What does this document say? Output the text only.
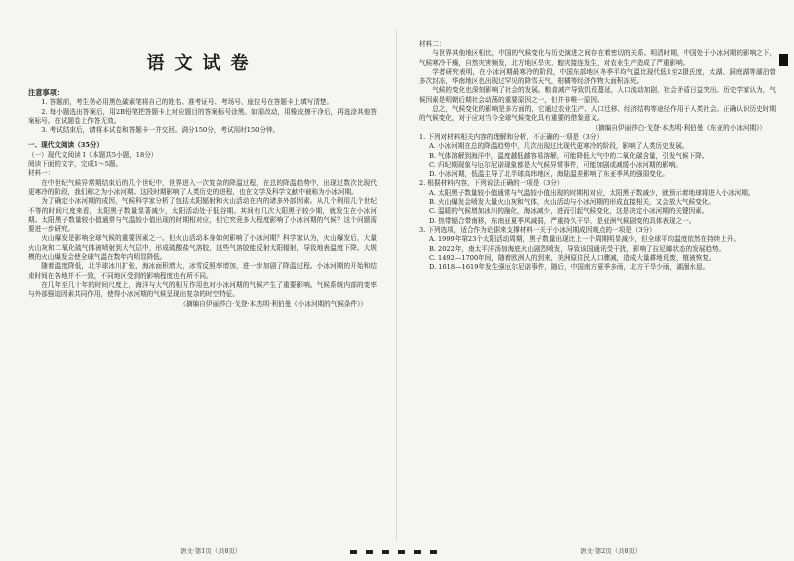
语文试卷
注意事项：

1. 答题前，考生务必用黑色碳素笔将自己的姓名、准考证号、考场号、座位号在答题卡上填写清楚。

2. 每小题选出答案后，用2B铅笔把答题卡上对应题目的答案标号涂黑。如需改动，用橡皮擦干净后，再选涂其他答案标号。在试题卷上作答无效。

3. 考试结束后，请将本试卷和答题卡一并交回。满分150分，考试用时150分钟。

一、现代文阅读（35分）

（一）现代文阅读 I（本题共5小题，18分）

阅读下面的文字，完成1～5题。

材料一：

在中世纪气候异常期结束后的几个世纪中，世界进入一次复杂的降温过程，在总的降温趋势中，出现过数次比现代更寒冷的阶段，我们称之为小冰河期。这段时期影响了人类历史的进程，也在文学及科学文献中被称为小冰河期。

为了确定小冰河期的成因，气候科学家分析了包括太阳辐射和火山活动在内的诸多外部因素。从几个利用几个世纪不等的时间尺度来看，太阳黑子数量显著减少，太阳活动处于低谷期。其间有几次大阳黑子较少期，就发生在小冰河期。太阳黑子数量较小值通常与气温较小值出现的时期相对应，但它究竟多大程度影响了小冰河期的气候？这个问题需要进一步研究。

火山爆发是影响全球气候的重要因素之一。但火山活动本身如何影响了小冰河期？科学家认为，火山爆发后，大量火山灰和二氧化硫气体被喷射到大气层中，形成硫酸盐气溶胶，这些气溶胶能反射太阳辐射，导致地表温度下降。大规模的火山爆发会使全球气温在数年内明显降低。

随着温度降低，北半球冰川扩张，海冰面积增大，冰雪反照率增加，进一步加剧了降温过程。小冰河期的开始和结束时间在各地并不一致，不同地区受到的影响程度也有所不同。

在几年至几十年的时间尺度上，海洋与大气的相互作用也对小冰河期的气候产生了重要影响。气候系统内部的变率与外部强迫因素共同作用，使得小冰河期的气候呈现出复杂的时空特征。

（摘编自伊丽莎白·戈登·本杰明·利伯曼《小冰河期的气候条件》）

材料二：

与世界其他地区相比，中国的气候变化与历史演进之间存在着密切的关系。明清时期，中国处于小冰河期的影响之下，气候寒冷干燥，自然灾害频发，北方地区旱灾、蝗灾接连发生，对农业生产造成了严重影响。

学者研究表明，在小冰河期最寒冷的阶段，中国东部地区冬季平均气温比现代低1至2摄氏度，太湖、洞庭湖等湖泊曾多次封冻，华南地区也出现过罕见的降雪天气，柑橘等经济作物大面积冻死。

气候的变化也深刻影响了社会的发展。粮食减产导致饥荒蔓延，人口流动加剧，社会矛盾日益突出。历史学家认为，气候因素是明朝后期社会动荡的重要原因之一，但并非唯一原因。

总之，气候变化的影响是多方面的，它通过农业生产、人口迁移、经济结构等途径作用于人类社会。正确认识历史时期的气候变化，对于应对当今全球气候变化具有重要的借鉴意义。

（摘编自伊丽莎白·戈登·本杰明·利伯曼《东亚的小冰河期》）

1. 下列对材料相关内容的理解和分析，不正确的一项是（3分）

A. 小冰河期在总的降温趋势中，几次出现过比现代更寒冷的阶段，影响了人类历史发展。

B. 气体溶解到海洋中，温度越低越容易溶解，可能降低大气中的二氧化碳含量，引发气候下降。

C. 归纪期现象与厄尔尼诺现象都是大气候异常事件，可能加剧或减缓小冰河期的影响。

D. 小冰河期，低温主导了北半球高纬地区，海陆温差影响了东亚季风的强弱变化。

2. 根据材料内容，下列说法正确的一项是（3分）

A. 太阳黑子数量较小值通常与气温较小值出现的时期相对应，太阳黑子数减少，就预示着地球将进入小冰河期。

B. 火山爆发会喷发大量火山灰和气体，火山活动与小冰河期的形成直接相关，又会放大气候变化。

C. 温暖的气候增加冰川的融化，海冰减少，进而引起气候变化，这是决定小冰河期的关键因素。

D. 热带辐合带南移，东南亚夏季风减弱，严重持久干旱，是亚洲气候剧变的具体表现之一。

3. 下列选项，适合作为论据来支撑材料一关于小冰河期成因观点的一项是（3分）

A. 1999年第23个太阳活动周期，黑子数量出现比上一个周期明显减少，但全球平均温度依然在持续上升。

B. 2022年，南太平洋汤加海底火山剧烈喷发，导致该国通讯受干扰，影响了拉尼娜状态的发展趋势。

C. 1492—1700年间，随着欧洲人的到来，美洲原住民人口骤减，造成大量耕地荒废，植被恢复。

D. 1618—1619年发生强厄尔尼诺事件，随后，中国南方夏季多雨，北方干旱少雨，湖涸水退。

语文·第1页（共8页）	语文·第2页（共8页）
